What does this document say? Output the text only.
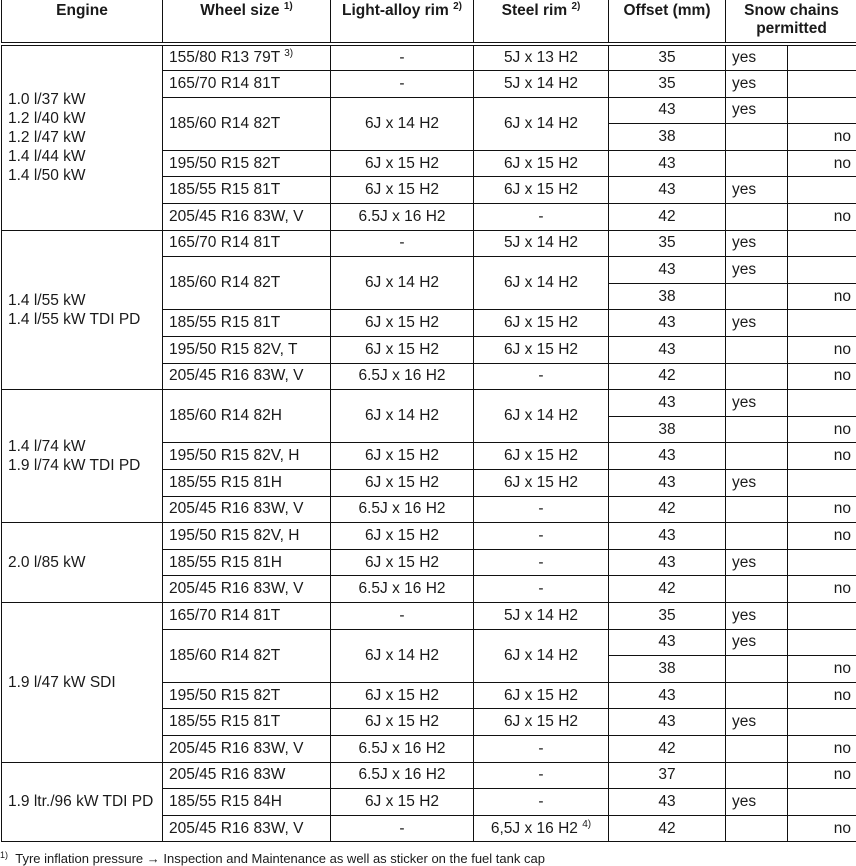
Engine	Wheel size $^{1)}$	Light-alloy rim $^{2)}$	Steel rim $^{2)}$	Offset (mm)	Snow chains permitted	

1.0 l/37 kW
1.2 l/40 kW
1.2 l/47 kW
1.4 l/44 kW
1.4 l/50 kW	155/80 R13 79T $^{3)}$	-	5J x 13 H2	35	yes	
	165/70 R14 81T	-	5J x 14 H2	35	yes	
	185/60 R14 82T	6J x 14 H2	6J x 14 H2	43	yes	
				38		no
	195/50 R15 82T	6J x 15 H2	6J x 15 H2	43		no
	185/55 R15 81T	6J x 15 H2	6J x 15 H2	43	yes	
	205/45 R16 83W, V	6.5J x 16 H2	-	42		no

1.4 l/55 kW
1.4 l/55 kW TDI PD	165/70 R14 81T	-	5J x 14 H2	35	yes	
	185/60 R14 82T	6J x 14 H2	6J x 14 H2	43	yes	
				38		no
	185/55 R15 81T	6J x 15 H2	6J x 15 H2	43	yes	
	195/50 R15 82V, T	6J x 15 H2	6J x 15 H2	43		no
	205/45 R16 83W, V	6.5J x 16 H2	-	42		no

1.4 l/74 kW
1.9 l/74 kW TDI PD	185/60 R14 82H	6J x 14 H2	6J x 14 H2	43	yes	
				38		no
	195/50 R15 82V, H	6J x 15 H2	6J x 15 H2	43		no
	185/55 R15 81H	6J x 15 H2	6J x 15 H2	43	yes	
	205/45 R16 83W, V	6.5J x 16 H2	-	42		no

2.0 l/85 kW	195/50 R15 82V, H	6J x 15 H2	-	43		no
	185/55 R15 81H	6J x 15 H2	-	43	yes	
	205/45 R16 83W, V	6.5J x 16 H2	-	42		no

1.9 l/47 kW SDI	165/70 R14 81T	-	5J x 14 H2	35	yes	
	185/60 R14 82T	6J x 14 H2	6J x 14 H2	43	yes	
				38		no
	195/50 R15 82T	6J x 15 H2	6J x 15 H2	43		no
	185/55 R15 81T	6J x 15 H2	6J x 15 H2	43	yes	
	205/45 R16 83W, V	6.5J x 16 H2	-	42		no

1.9 ltr./96 kW TDI PD	205/45 R16 83W	6.5J x 16 H2	-	37		no
	185/55 R15 84H	6J x 15 H2	-	43	yes	
	205/45 R16 83W, V	-	6,5J x 16 H2 $^{4)}$	42		no
$^{1)}$ Tyre inflation pressure → Inspection and Maintenance as well as sticker on the fuel tank cap
